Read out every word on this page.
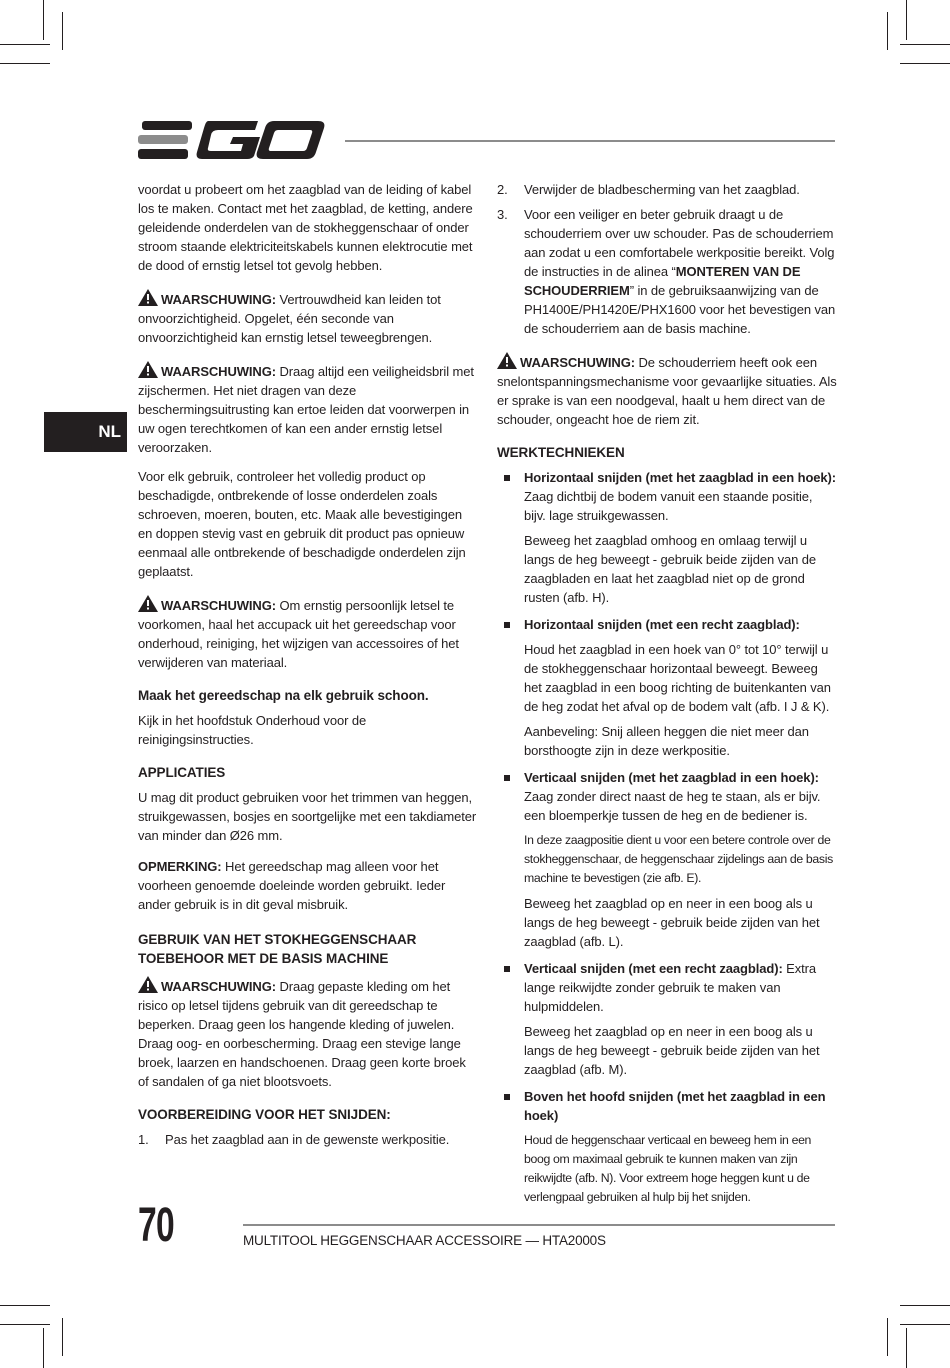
NL

voordat u probeert om het zaagblad van de leiding of kabel los te maken. Contact met het zaagblad, de ketting, andere geleidende onderdelen van de stokheggenschaar of onder stroom staande elektriciteitskabels kunnen elektrocutie met de dood of ernstig letsel tot gevolg hebben.

WAARSCHUWING: Vertrouwdheid kan leiden tot onvoorzichtigheid. Opgelet, één seconde van onvoorzichtigheid kan ernstig letsel teweegbrengen.

WAARSCHUWING: Draag altijd een veiligheidsbril met zijschermen. Het niet dragen van deze beschermingsuitrusting kan ertoe leiden dat voorwerpen in uw ogen terechtkomen of kan een ander ernstig letsel veroorzaken.

Voor elk gebruik, controleer het volledig product op beschadigde, ontbrekende of losse onderdelen zoals schroeven, moeren, bouten, etc. Maak alle bevestigingen en doppen stevig vast en gebruik dit product pas opnieuw eenmaal alle ontbrekende of beschadigde onderdelen zijn geplaatst.

WAARSCHUWING: Om ernstig persoonlijk letsel te voorkomen, haal het accupack uit het gereedschap voor onderhoud, reiniging, het wijzigen van accessoires of het verwijderen van materiaal.

Maak het gereedschap na elk gebruik schoon.

Kijk in het hoofdstuk Onderhoud voor de reinigingsinstructies.

APPLICATIES

U mag dit product gebruiken voor het trimmen van heggen, struikgewassen, bosjes en soortgelijke met een takdiameter van minder dan Ø26 mm.

OPMERKING: Het gereedschap mag alleen voor het voorheen genoemde doeleinde worden gebruikt. Ieder ander gebruik is in dit geval misbruik.

GEBRUIK VAN HET STOKHEGGENSCHAAR TOEBEHOOR MET DE BASIS MACHINE

WAARSCHUWING: Draag gepaste kleding om het risico op letsel tijdens gebruik van dit gereedschap te beperken. Draag geen los hangende kleding of juwelen. Draag oog- en oorbescherming. Draag een stevige lange broek, laarzen en handschoenen. Draag geen korte broek of sandalen of ga niet blootsvoets.

VOORBEREIDING VOOR HET SNIJDEN:
1.	Pas het zaagblad aan in de gewenste werkpositie.
2.	Verwijder de bladbescherming van het zaagblad.
3.	Voor een veiliger en beter gebruik draagt u de schouderriem over uw schouder. Pas de schouderriem aan zodat u een comfortabele werkpositie bereikt. Volg de instructies in de alinea “MONTEREN VAN DE SCHOUDERRIEM” in de gebruiksaanwijzing van de PH1400E/PH1420E/PHX1600 voor het bevestigen van de schouderriem aan de basis machine.

WAARSCHUWING: De schouderriem heeft ook een snelontspanningsmechanisme voor gevaarlijke situaties. Als er sprake is van een noodgeval, haalt u hem direct van de schouder, ongeacht hoe de riem zit.

WERKTECHNIEKEN

Horizontaal snijden (met het zaagblad in een hoek): Zaag dichtbij de bodem vanuit een staande positie, bijv. lage struikgewassen.

Beweeg het zaagblad omhoog en omlaag terwijl u langs de heg beweegt - gebruik beide zijden van de zaagbladen en laat het zaagblad niet op de grond rusten (afb. H).

Horizontaal snijden (met een recht zaagblad):

Houd het zaagblad in een hoek van 0° tot 10° terwijl u de stokheggenschaar horizontaal beweegt. Beweeg het zaagblad in een boog richting de buitenkanten van de heg zodat het afval op de bodem valt (afb. I J & K).

Aanbeveling: Snij alleen heggen die niet meer dan borsthoogte zijn in deze werkpositie.

Verticaal snijden (met het zaagblad in een hoek): Zaag zonder direct naast de heg te staan, als er bijv. een bloemperkje tussen de heg en de bediener is.

In deze zaagpositie dient u voor een betere controle over de stokheggenschaar, de heggenschaar zijdelings aan de basis machine te bevestigen (zie afb. E).

Beweeg het zaagblad op en neer in een boog als u langs de heg beweegt - gebruik beide zijden van het zaagblad (afb. L).

Verticaal snijden (met een recht zaagblad): Extra lange reikwijdte zonder gebruik te maken van hulpmiddelen.

Beweeg het zaagblad op en neer in een boog als u langs de heg beweegt - gebruik beide zijden van het zaagblad (afb. M).

Boven het hoofd snijden (met het zaagblad in een hoek)

Houd de heggenschaar verticaal en beweeg hem in een boog om maximaal gebruik te kunnen maken van zijn reikwijdte (afb. N). Voor extreem hoge heggen kunt u de verlengpaal gebruiken al hulp bij het snijden.

70	MULTITOOL HEGGENSCHAAR ACCESSOIRE — HTA2000S
